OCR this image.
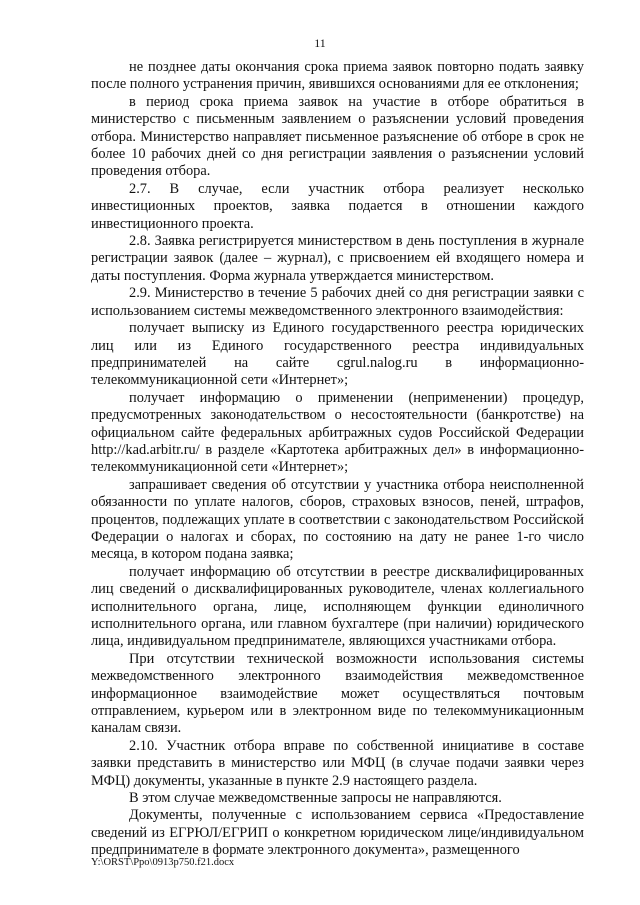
11

не позднее даты окончания срока приема заявок повторно подать заявку после полного устранения причин, явившихся основаниями для ее отклонения;

в период срока приема заявок на участие в отборе обратиться в министерство с письменным заявлением о разъяснении условий проведения отбора. Министерство направляет письменное разъяснение об отборе в срок не более 10 рабочих дней со дня регистрации заявления о разъяснении условий проведения отбора.

2.7. В случае, если участник отбора реализует несколько инвестиционных проектов, заявка подается в отношении каждого инвестиционного проекта.

2.8. Заявка регистрируется министерством в день поступления в журнале регистрации заявок (далее – журнал), с присвоением ей входящего номера и даты поступления. Форма журнала утверждается министерством.

2.9. Министерство в течение 5 рабочих дней со дня регистрации заявки с использованием системы межведомственного электронного взаимодействия:

получает выписку из Единого государственного реестра юридических лиц или из Единого государственного реестра индивидуальных предпринимателей на сайте cgrul.nalog.ru в информационно-телекоммуникационной сети «Интернет»;

получает информацию о применении (неприменении) процедур, предусмотренных законодательством о несостоятельности (банкротстве) на официальном сайте федеральных арбитражных судов Российской Федерации http://kad.arbitr.ru/ в разделе «Картотека арбитражных дел» в информационно-телекоммуникационной сети «Интернет»;

запрашивает сведения об отсутствии у участника отбора неисполненной обязанности по уплате налогов, сборов, страховых взносов, пеней, штрафов, процентов, подлежащих уплате в соответствии с законодательством Российской Федерации о налогах и сборах, по состоянию на дату не ранее 1-го число месяца, в котором подана заявка;

получает информацию об отсутствии в реестре дисквалифицированных лиц сведений о дисквалифицированных руководителе, членах коллегиального исполнительного органа, лице, исполняющем функции единоличного исполнительного органа, или главном бухгалтере (при наличии) юридического лица, индивидуальном предпринимателе, являющихся участниками отбора.

При отсутствии технической возможности использования системы межведомственного электронного взаимодействия межведомственное информационное взаимодействие может осуществляться почтовым отправлением, курьером или в электронном виде по телекоммуникационным каналам связи.

2.10. Участник отбора вправе по собственной инициативе в составе заявки представить в министерство или МФЦ (в случае подачи заявки через МФЦ) документы, указанные в пункте 2.9 настоящего раздела.

В этом случае межведомственные запросы не направляются.

Документы, полученные с использованием сервиса «Предоставление сведений из ЕГРЮЛ/ЕГРИП о конкретном юридическом лице/индивидуальном предпринимателе в формате электронного документа», размещенного

Y:\ORST\Ppo\0913p750.f21.docx
